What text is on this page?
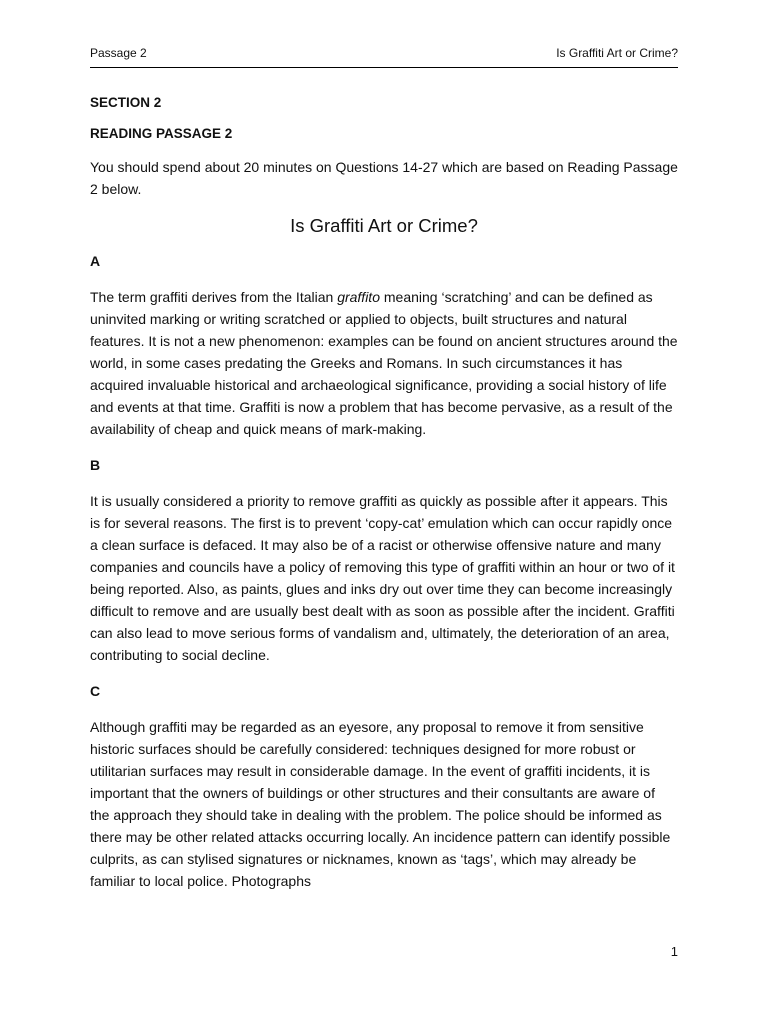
Passage 2	Is Graffiti Art or Crime?

SECTION 2

READING PASSAGE 2

You should spend about 20 minutes on Questions 14-27 which are based on Reading Passage 2 below.

Is Graffiti Art or Crime?

A

The term graffiti derives from the Italian graffito meaning ‘scratching’ and can be defined as uninvited marking or writing scratched or applied to objects, built structures and natural features. It is not a new phenomenon: examples can be found on ancient structures around the world, in some cases predating the Greeks and Romans. In such circumstances it has acquired invaluable historical and archaeological significance, providing a social history of life and events at that time. Graffiti is now a problem that has become pervasive, as a result of the availability of cheap and quick means of mark-making.

B

It is usually considered a priority to remove graffiti as quickly as possible after it appears. This is for several reasons. The first is to prevent ‘copy-cat’ emulation which can occur rapidly once a clean surface is defaced. It may also be of a racist or otherwise offensive nature and many companies and councils have a policy of removing this type of graffiti within an hour or two of it being reported. Also, as paints, glues and inks dry out over time they can become increasingly difficult to remove and are usually best dealt with as soon as possible after the incident. Graffiti can also lead to move serious forms of vandalism and, ultimately, the deterioration of an area, contributing to social decline.

C

Although graffiti may be regarded as an eyesore, any proposal to remove it from sensitive historic surfaces should be carefully considered: techniques designed for more robust or utilitarian surfaces may result in considerable damage. In the event of graffiti incidents, it is important that the owners of buildings or other structures and their consultants are aware of the approach they should take in dealing with the problem. The police should be informed as there may be other related attacks occurring locally. An incidence pattern can identify possible culprits, as can stylised signatures or nicknames, known as ‘tags’, which may already be familiar to local police. Photographs

1
